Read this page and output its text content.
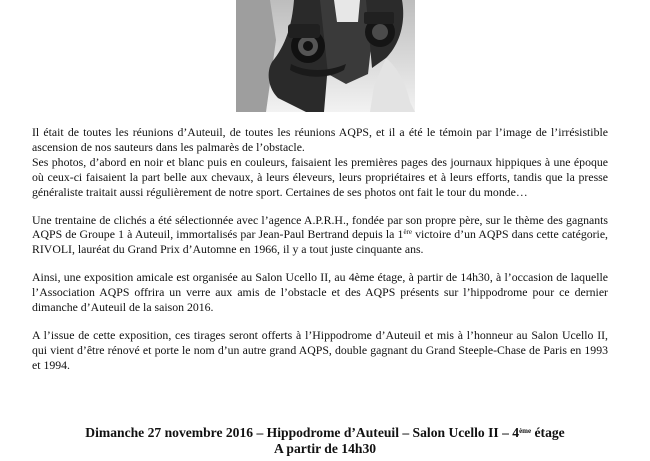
Il était de toutes les réunions d’Auteuil, de toutes les réunions AQPS, et il a été le témoin par l’image de l’irrésistible ascension de nos sauteurs dans les palmarès de l’obstacle.

Ses photos, d’abord en noir et blanc puis en couleurs, faisaient les premières pages des journaux hippiques à une époque où ceux-ci faisaient la part belle aux chevaux, à leurs éleveurs, leurs propriétaires et à leurs efforts, tandis que la presse généraliste traitait aussi régulièrement de notre sport. Certaines de ses photos ont fait le tour du monde…

Une trentaine de clichés a été sélectionnée avec l’agence A.P.R.H., fondée par son propre père, sur le thème des gagnants AQPS de Groupe 1 à Auteuil, immortalisés par Jean-Paul Bertrand depuis la 1ère victoire d’un AQPS dans cette catégorie, RIVOLI, lauréat du Grand Prix d’Automne en 1966, il y a tout juste cinquante ans.

Ainsi, une exposition amicale est organisée au Salon Ucello II, au 4ème étage, à partir de 14h30, à l’occasion de laquelle l’Association AQPS offrira un verre aux amis de l’obstacle et des AQPS présents sur l’hippodrome pour ce dernier dimanche d’Auteuil de la saison 2016.

A l’issue de cette exposition, ces tirages seront offerts à l’Hippodrome d’Auteuil et mis à l’honneur au Salon Ucello II, qui vient d’être rénové et porte le nom d’un autre grand AQPS, double gagnant du Grand Steeple-Chase de Paris en 1993 et 1994.

Dimanche 27 novembre 2016 – Hippodrome d’Auteuil – Salon Ucello II – 4ème étage
A partir de 14h30
